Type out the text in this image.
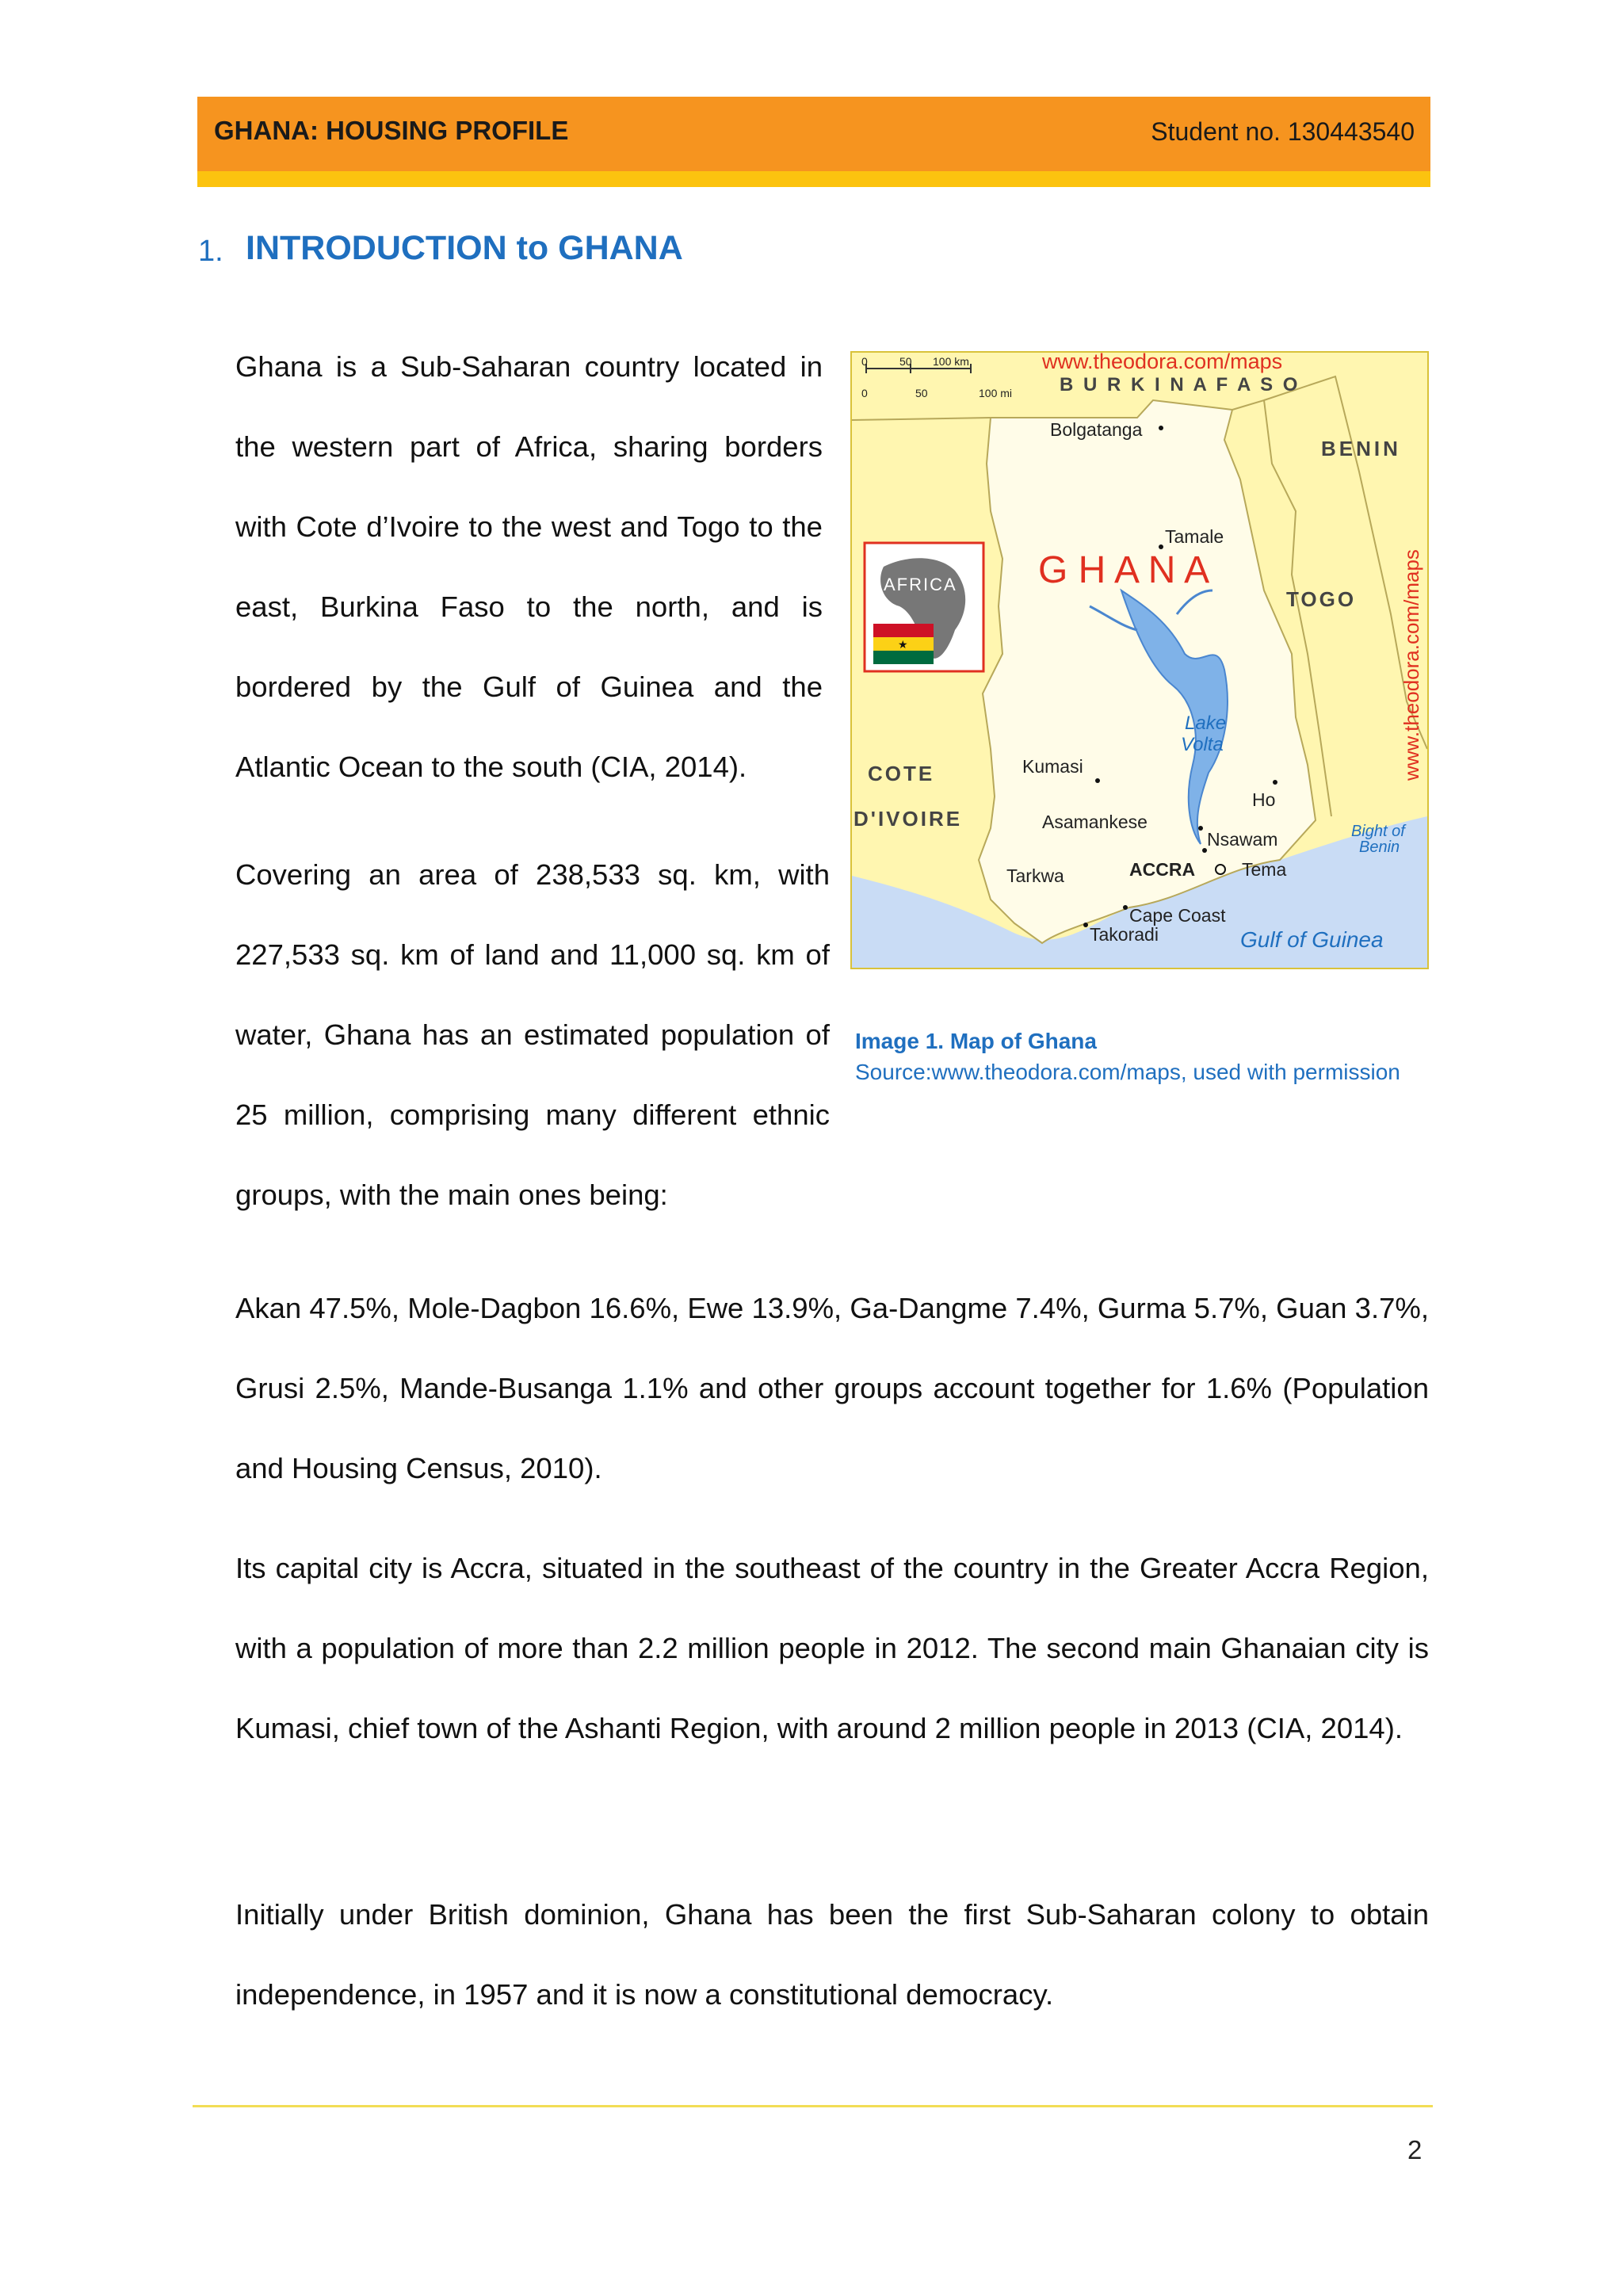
GHANA: HOUSING PROFILE	Student no. 130443540
1. INTRODUCTION to GHANA

Ghana is a Sub-Saharan country located in the western part of Africa, sharing borders with Cote d’Ivoire to the west and Togo to the east, Burkina Faso to the north, and is bordered by the Gulf of Guinea and the Atlantic Ocean to the south (CIA, 2014).

Covering an area of 238,533 sq. km, with 227,533 sq. km of land and 11,000 sq. km of water, Ghana has an estimated population of 25 million, comprising many different ethnic groups, with the main ones being:

Akan 47.5%, Mole-Dagbon 16.6%, Ewe 13.9%, Ga-Dangme 7.4%, Gurma 5.7%, Guan 3.7%, Grusi 2.5%, Mande-Busanga 1.1% and other groups account together for 1.6% (Population and Housing Census, 2010).

Its capital city is Accra, situated in the southeast of the country in the Greater Accra Region, with a population of more than 2.2 million people in 2012. The second main Ghanaian city is Kumasi, chief town of the Ashanti Region, with around 2 million people in 2013 (CIA, 2014).

Initially under British dominion, Ghana has been the first Sub-Saharan colony to obtain independence, in 1957 and it is now a constitutional democracy.

0	50 100 km
0	50	100 mi
www.theodora.com/maps
B U R K I N A F A S O
BENIN
TOGO
COTE
D'IVOIRE
G H A N A	www.theodora.com/maps
AFRICA
★
Bolgatanga
Tamale
Kumasi
Ho
Asamankese
Nsawam
Tarkwa	ACCRA	Tema
Cape Coast
Takoradi
Lake
Volta
Bight of
Benin
Gulf of Guinea
Image 1. Map of Ghana
Source:www.theodora.com/maps, used with permission
2
